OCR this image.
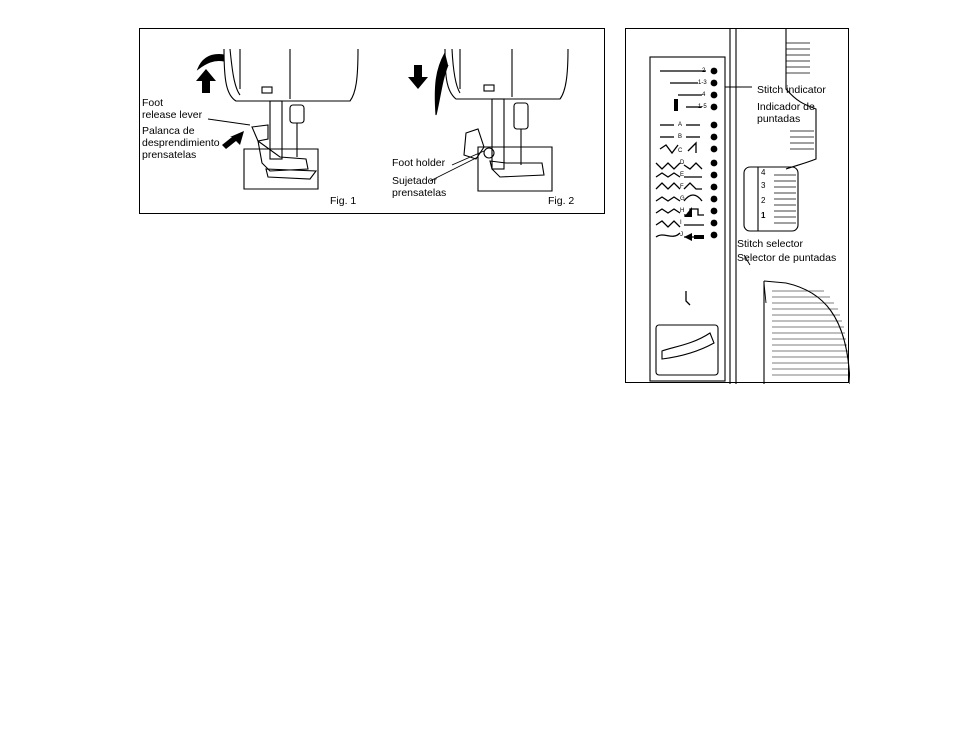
Foot
release lever
Palanca de
desprendimiento
prensatelas
Fig. 1
Foot holder
Sujetador
prensatelas
Fig. 2
4
3
2
1
2
1-3
4
1-5
A
B
C
D
E
F
G
H
I
J
Stitch indicator
Indicador de
puntadas
Stitch selector
Selector de puntadas
